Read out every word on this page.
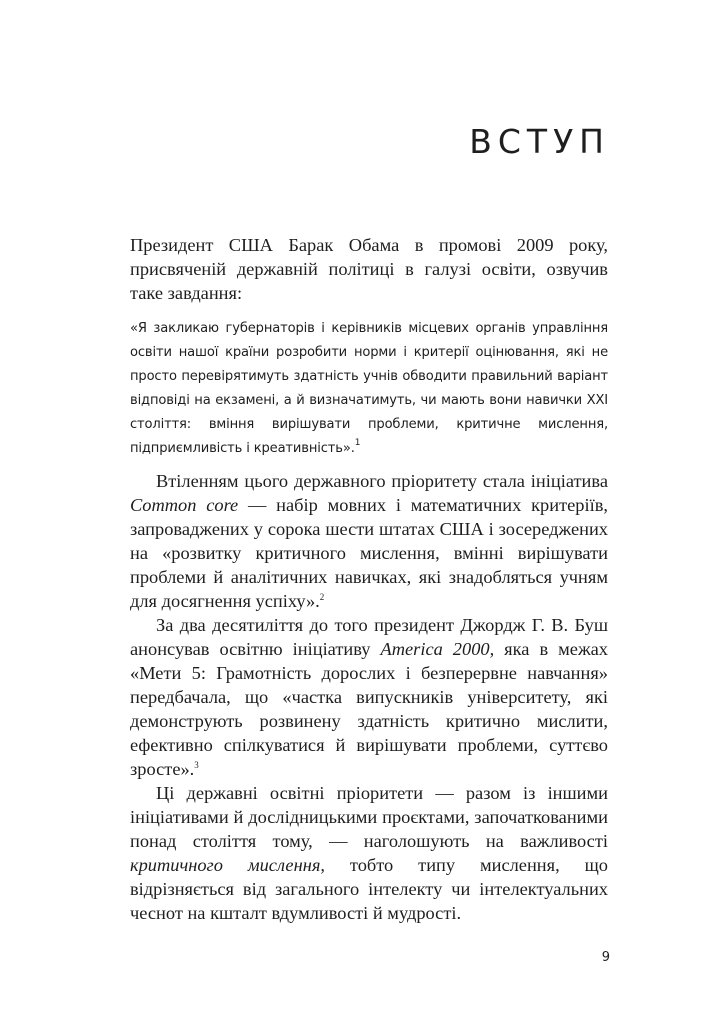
ВСТУП

Президент США Барак Обама в промові 2009 року, присвяченій державній політиці в галузі освіти, озвучив таке завдання:

«Я закликаю губернаторів і керівників місцевих органів управління освіти нашої країни розробити норми і критерії оцінювання, які не просто перевірятимуть здатність учнів обводити правильний варіант відповіді на екзамені, а й визначатимуть, чи мають вони навички XXI століття: вміння вирішувати проблеми, критичне мислення, підприємливість і креативність».$^1$

Втіленням цього державного пріоритету стала ініціатива Common core — набір мовних і математичних критеріїв, запроваджених у сорока шести штатах США і зосереджених на «розвитку критичного мислення, вмінні вирішувати проблеми й аналітичних навичках, які знадобляться учням для досягнення успіху».$^2$

За два десятиліття до того президент Джордж Г. В. Буш анонсував освітню ініціативу America 2000, яка в межах «Мети 5: Грамотність дорослих і безперервне навчання» передбачала, що «частка випускників університету, які демонструють розвинену здатність критично мислити, ефективно спілкуватися й вирішувати проблеми, суттєво зросте».$^3$

Ці державні освітні пріоритети — разом із іншими ініціативами й дослідницькими проєктами, започаткованими понад століття тому, — наголошують на важливості критичного мислення, тобто типу мислення, що відрізняється від загального інтелекту чи інтелектуальних чеснот на кшталт вдумливості й мудрості.

9
